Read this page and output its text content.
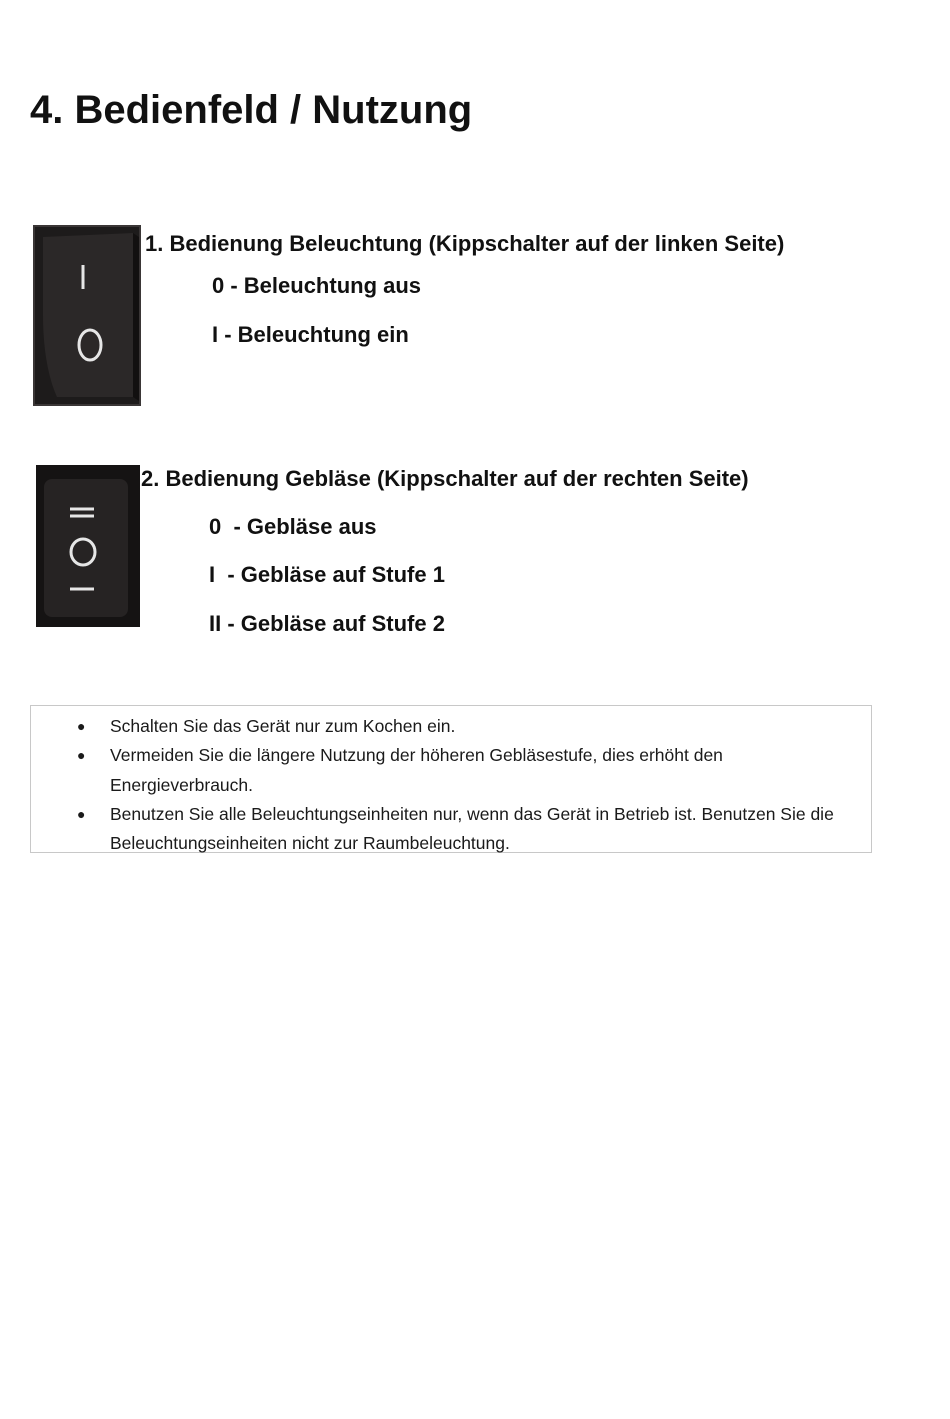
4. Bedienfeld / Nutzung
1. Bedienung Beleuchtung (Kippschalter auf der linken Seite)

0 - Beleuchtung aus

I - Beleuchtung ein

2. Bedienung Gebläse (Kippschalter auf der rechten Seite)

0  - Gebläse aus

I  - Gebläse auf Stufe 1

II - Gebläse auf Stufe 2

● Schalten Sie das Gerät nur zum Kochen ein.
● Vermeiden Sie die längere Nutzung der höheren Gebläsestufe, dies erhöht den Energieverbrauch.
● Benutzen Sie alle Beleuchtungseinheiten nur, wenn das Gerät in Betrieb ist. Benutzen Sie die Beleuchtungseinheiten nicht zur Raumbeleuchtung.
